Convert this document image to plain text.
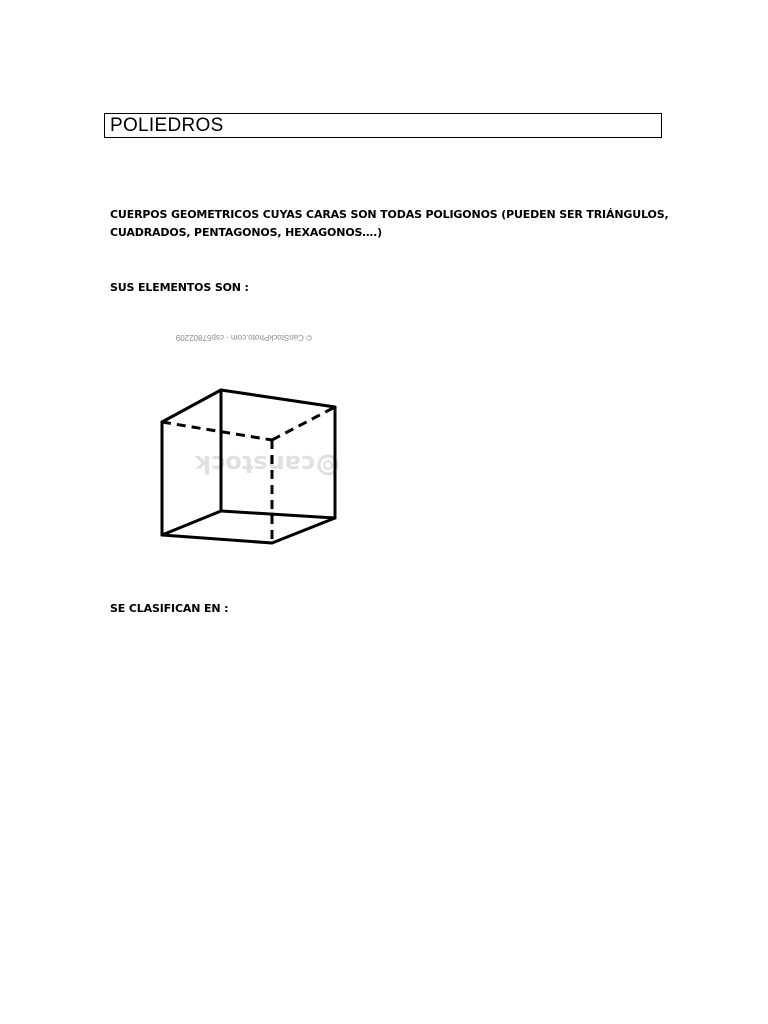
POLIEDROS
CUERPOS GEOMETRICOS CUYAS CARAS SON TODAS POLIGONOS (PUEDEN SER TRIÁNGULOS,
CUADRADOS, PENTAGONOS, HEXAGONOS….)
SUS ELEMENTOS SON :
© CanStockPhoto.com - csp57802209
canstock
SE CLASIFICAN EN :
